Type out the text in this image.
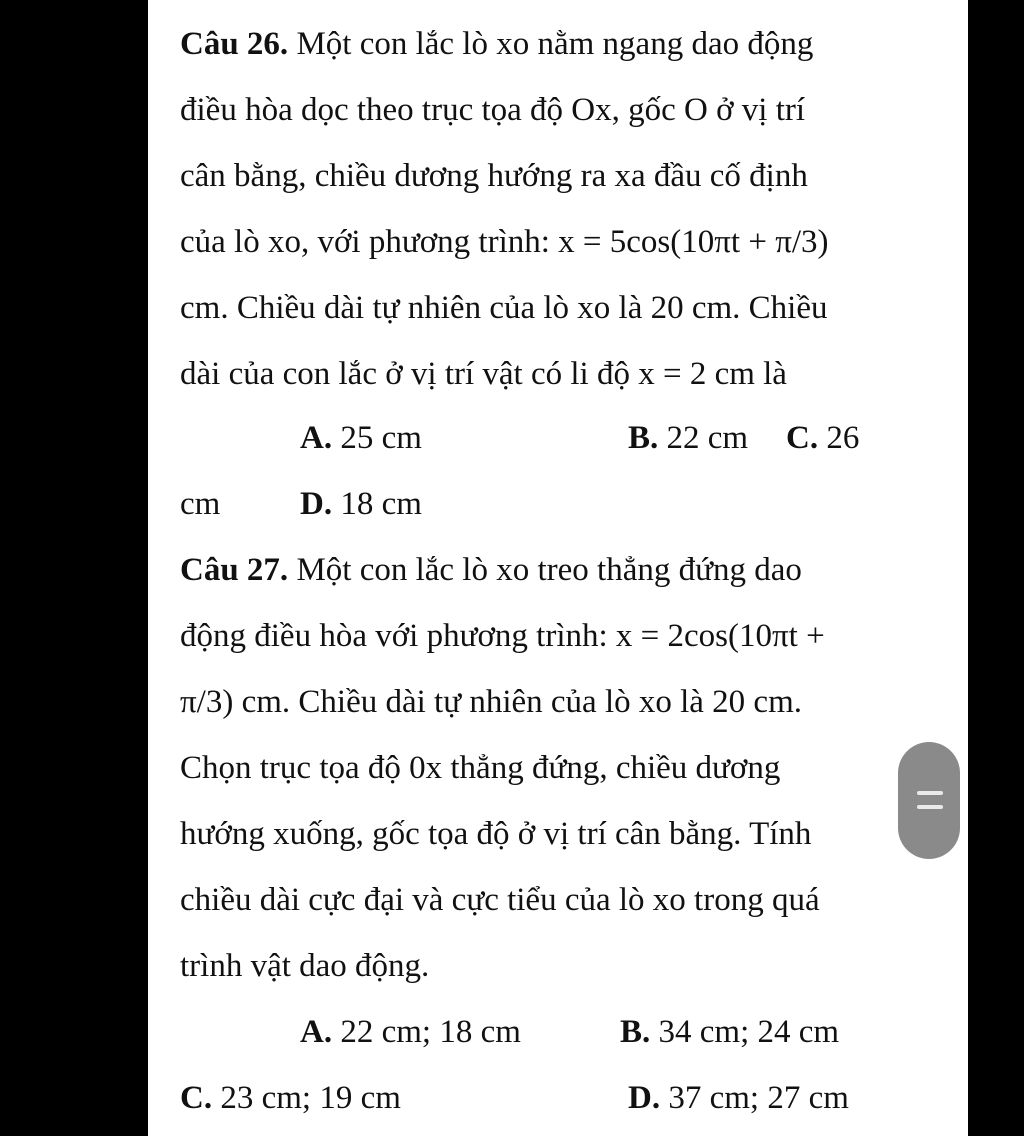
Câu 26. Một con lắc lò xo nằm ngang dao động
điều hòa dọc theo trục tọa độ Ox, gốc O ở vị trí
cân bằng, chiều dương hướng ra xa đầu cố định
của lò xo, với phương trình: x = 5cos(10πt + π/3)
cm. Chiều dài tự nhiên của lò xo là 20 cm. Chiều
dài của con lắc ở vị trí vật có li độ x = 2 cm là
A. 25 cm	B. 22 cm C. 26
cm D. 18 cm
Câu 27. Một con lắc lò xo treo thẳng đứng dao
động điều hòa với phương trình: x = 2cos(10πt +
π/3) cm. Chiều dài tự nhiên của lò xo là 20 cm.
Chọn trục tọa độ 0x thẳng đứng, chiều dương
hướng xuống, gốc tọa độ ở vị trí cân bằng. Tính
chiều dài cực đại và cực tiểu của lò xo trong quá
trình vật dao động.
A. 22 cm; 18 cm	B. 34 cm; 24 cm
C. 23 cm; 19 cm	D. 37 cm; 27 cm
